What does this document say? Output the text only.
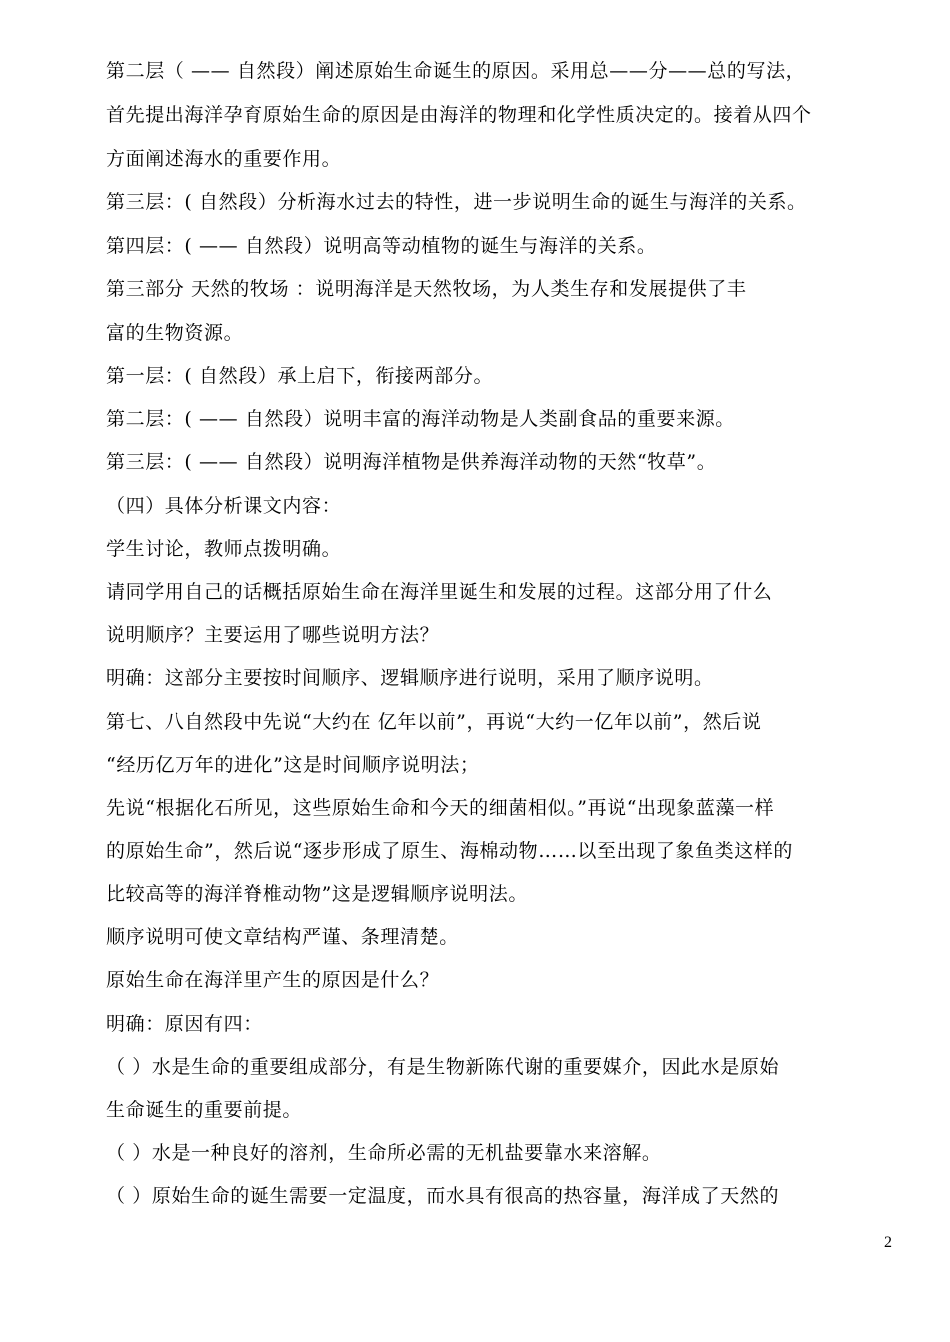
第二层（ —— 自然段）阐述原始生命诞生的原因。采用总——分——总的写法，
首先提出海洋孕育原始生命的原因是由海洋的物理和化学性质决定的。接着从四个
方面阐述海水的重要作用。
第三层：( 自然段）分析海水过去的特性，进一步说明生命的诞生与海洋的关系。
第四层：( —— 自然段）说明高等动植物的诞生与海洋的关系。
第三部分 天然的牧场 ：说明海洋是天然牧场，为人类生存和发展提供了丰
富的生物资源。
第一层：( 自然段）承上启下，衔接两部分。
第二层：( —— 自然段）说明丰富的海洋动物是人类副食品的重要来源。
第三层：( —— 自然段）说明海洋植物是供养海洋动物的天然“牧草”。
（四）具体分析课文内容：
学生讨论，教师点拨明确。
请同学用自己的话概括原始生命在海洋里诞生和发展的过程。这部分用了什么
说明顺序？主要运用了哪些说明方法？
明确：这部分主要按时间顺序、逻辑顺序进行说明，采用了顺序说明。
第七、八自然段中先说“大约在 亿年以前”，再说“大约一亿年以前”，然后说
“经历亿万年的进化”这是时间顺序说明法；
先说“根据化石所见，这些原始生命和今天的细菌相似。”再说“出现象蓝藻一样
的原始生命”，然后说“逐步形成了原生、海棉动物……以至出现了象鱼类这样的
比较高等的海洋脊椎动物”这是逻辑顺序说明法。
顺序说明可使文章结构严谨、条理清楚。
原始生命在海洋里产生的原因是什么？
明确：原因有四：
（ ）水是生命的重要组成部分，有是生物新陈代谢的重要媒介，因此水是原始
生命诞生的重要前提。
（ ）水是一种良好的溶剂，生命所必需的无机盐要靠水来溶解。
（ ）原始生命的诞生需要一定温度，而水具有很高的热容量，海洋成了天然的
2
